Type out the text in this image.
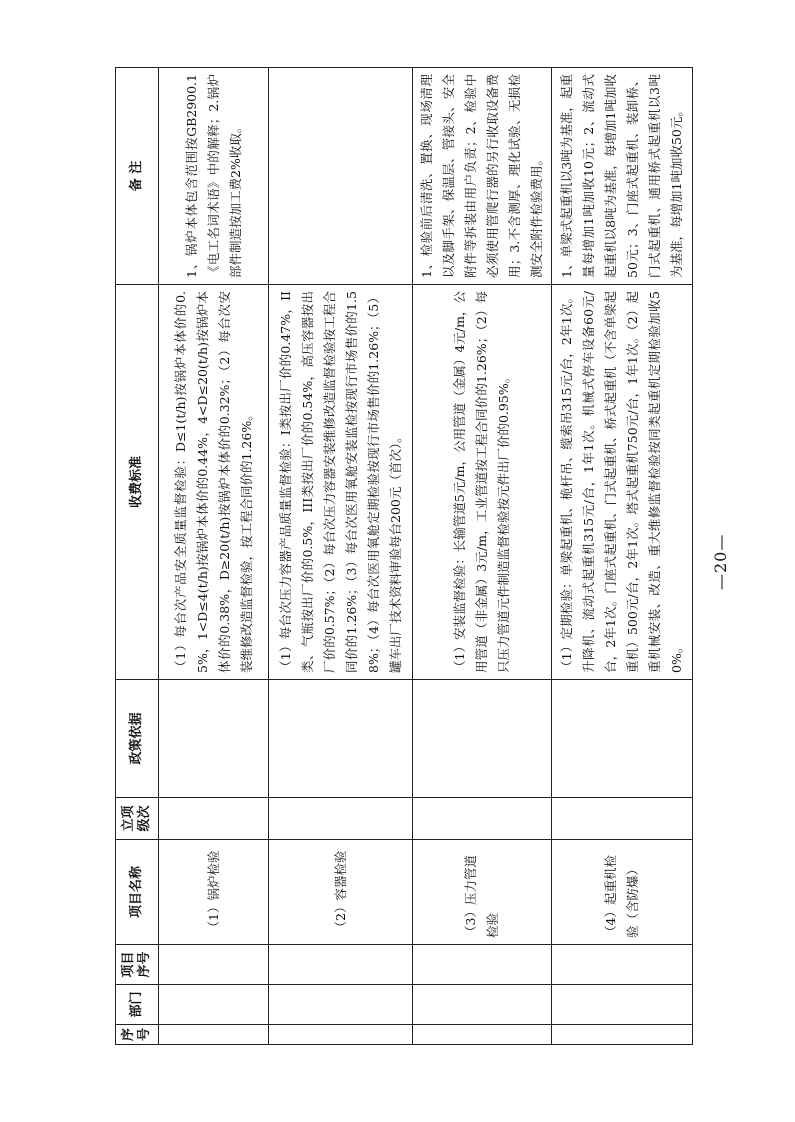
序号	部门	项目序号	项目名称	立项级次	政策依据	收费标准	备 注
			（1）锅炉检验			（1）每台次产品安全质量监督检验：D≤1(t/h)按锅炉本体价的0.5%，1<D≤4(t/h)按锅炉本体价的0.44%，4<D≤20(t/h)按锅炉本体价的0.38%，D≥20(t/h)按锅炉本体价的0.32%；（2）每台次安装维修改造监督检验，按工程合同价的1.26%。	1、锅炉本体包含范围按GB2900.1《电工名词术语》中的解释；2.锅炉部件制造按加工费2%收取。
			（2）容器检验			（1）每台次压力容器产品质量监督检验：I类按出厂价的0.47%，II类、气瓶按出厂价的0.5%，III类按出厂价的0.54%，高压容器按出厂价的0.57%；（2）每台次压力容器安装维修改造监督检验按工程合同价的1.26%；（3）每台次医用氧舱安装监检按现行市场售价的1.58%；（4）每台次医用氧舱定期检验按现行市场售价的1.26%；（5）罐车出厂技术资料审验每台200元（首次）。	
			（3）压力管道检验			（1）安装监督检验：长输管道5元/m，公用管道（金属）4元/m，公用管道（非金属）3元/m，工业管道按工程合同价的1.26%；（2）每只压力管道元件制造监督检验按元件出厂价的0.95%。	1、检验前后清洗、置换、现场清理以及脚手架、保温层、管接头、安全附件等拆装由用户负责；2、检验中必须使用管爬行器的另行收取设备费用；3.不含测厚、理化试验、无损检测安全附件检验费用。
			（4）起重机检验（含防爆）			（1）定期检验：单梁起重机、桅杆吊、缆索吊315元/台，2年1次。升降机、流动式起重机315元/台，1年1次。机械式停车设备60元/台，2年1次。门座式起重机、门式起重机、桥式起重机（不含单梁起重机）500元/台，2年1次。塔式起重机750元/台，1年1次。（2）起重机械安装、改造、重大维修监督检验按同类起重机定期检验加收50%。	1、单梁式起重机以3吨为基准，起重量每增加1吨加收10元；2、流动式起重机以8吨为基准，每增加1吨加收50元；3、门座式起重机、装卸桥、门式起重机、通用桥式起重机以3吨为基准，每增加1吨加收50元。
—20—
